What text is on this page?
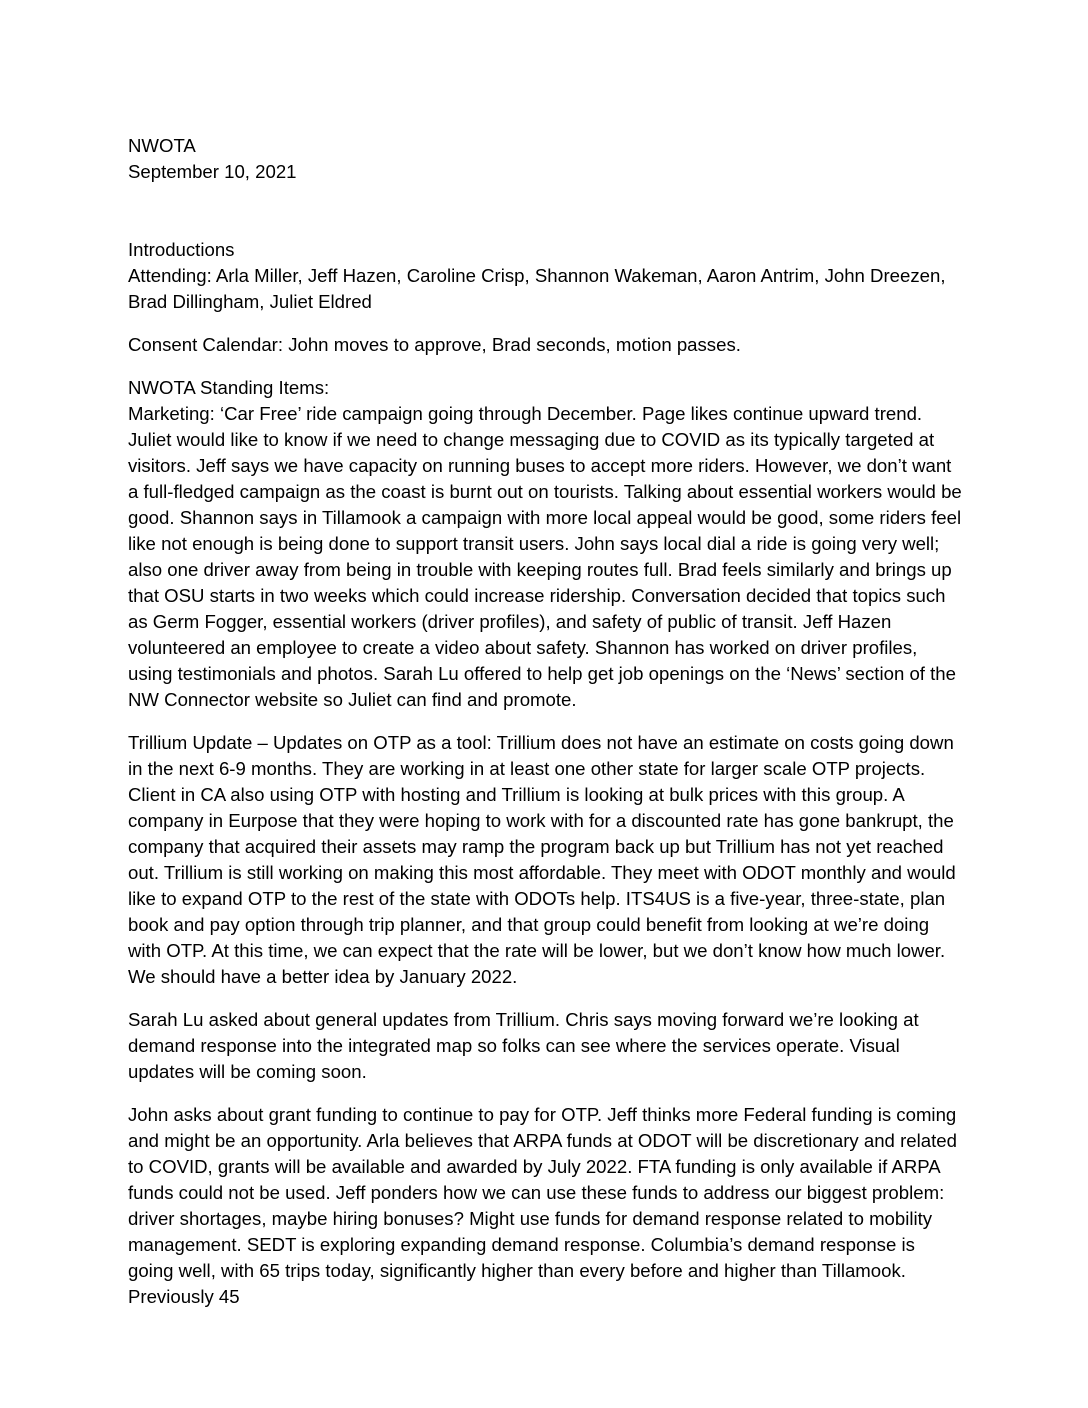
NWOTA
September 10, 2021

Introductions
Attending: Arla Miller, Jeff Hazen, Caroline Crisp, Shannon Wakeman, Aaron Antrim, John Dreezen, Brad Dillingham, Juliet Eldred

Consent Calendar: John moves to approve, Brad seconds, motion passes.

NWOTA Standing Items:
Marketing: ‘Car Free’ ride campaign going through December. Page likes continue upward trend. Juliet would like to know if we need to change messaging due to COVID as its typically targeted at visitors. Jeff says we have capacity on running buses to accept more riders. However, we don’t want a full-fledged campaign as the coast is burnt out on tourists. Talking about essential workers would be good. Shannon says in Tillamook a campaign with more local appeal would be good, some riders feel like not enough is being done to support transit users. John says local dial a ride is going very well; also one driver away from being in trouble with keeping routes full. Brad feels similarly and brings up that OSU starts in two weeks which could increase ridership. Conversation decided that topics such as Germ Fogger, essential workers (driver profiles), and safety of public of transit. Jeff Hazen volunteered an employee to create a video about safety. Shannon has worked on driver profiles, using testimonials and photos. Sarah Lu offered to help get job openings on the ‘News’ section of the NW Connector website so Juliet can find and promote.

Trillium Update – Updates on OTP as a tool: Trillium does not have an estimate on costs going down in the next 6-9 months. They are working in at least one other state for larger scale OTP projects. Client in CA also using OTP with hosting and Trillium is looking at bulk prices with this group. A company in Eurpose that they were hoping to work with for a discounted rate has gone bankrupt, the company that acquired their assets may ramp the program back up but Trillium has not yet reached out. Trillium is still working on making this most affordable. They meet with ODOT monthly and would like to expand OTP to the rest of the state with ODOTs help. ITS4US is a five-year, three-state, plan book and pay option through trip planner, and that group could benefit from looking at we’re doing with OTP. At this time, we can expect that the rate will be lower, but we don’t know how much lower. We should have a better idea by January 2022.

Sarah Lu asked about general updates from Trillium. Chris says moving forward we’re looking at demand response into the integrated map so folks can see where the services operate. Visual updates will be coming soon.

John asks about grant funding to continue to pay for OTP. Jeff thinks more Federal funding is coming and might be an opportunity. Arla believes that ARPA funds at ODOT will be discretionary and related to COVID, grants will be available and awarded by July 2022. FTA funding is only available if ARPA funds could not be used. Jeff ponders how we can use these funds to address our biggest problem: driver shortages, maybe hiring bonuses? Might use funds for demand response related to mobility management. SEDT is exploring expanding demand response. Columbia’s demand response is going well, with 65 trips today, significantly higher than every before and higher than Tillamook. Previously 45
